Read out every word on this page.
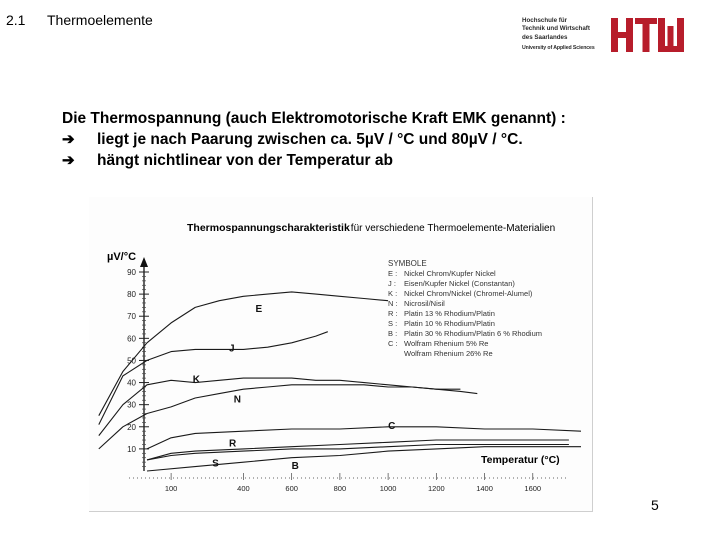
2.1 Thermoelemente	Hochschule für
Technik und Wirtschaft
des Saarlandes
University of Applied Sciences
Die Thermospannung (auch Elektromotorische Kraft EMK genannt) :
➔ liegt je nach Paarung zwischen ca. 5µV / °C und 80µV / °C.
➔ hängt nichtlinear von der Temperatur ab
Thermospannungscharakteristik für verschiedene Thermoelemente-Materialien
µV/°C
Temperatur (°C)
10
20
30
40
50
60
70
80
90
100	400	600	800	1000	1200	1400	1600
E
J
K
N
C
R
S	B
SYMBOLE
E : Nickel Chrom/Kupfer Nickel
J : Eisen/Kupfer Nickel (Constantan)
K : Nickel Chrom/Nickel (Chromel-Alumel)
N : Nicrosil/Nisil
R : Platin 13 % Rhodium/Platin
S : Platin 10 % Rhodium/Platin
B : Platin 30 % Rhodium/Platin 6 % Rhodium
C : Wolfram Rhenium 5% Re
Wolfram Rhenium 26% Re
5
